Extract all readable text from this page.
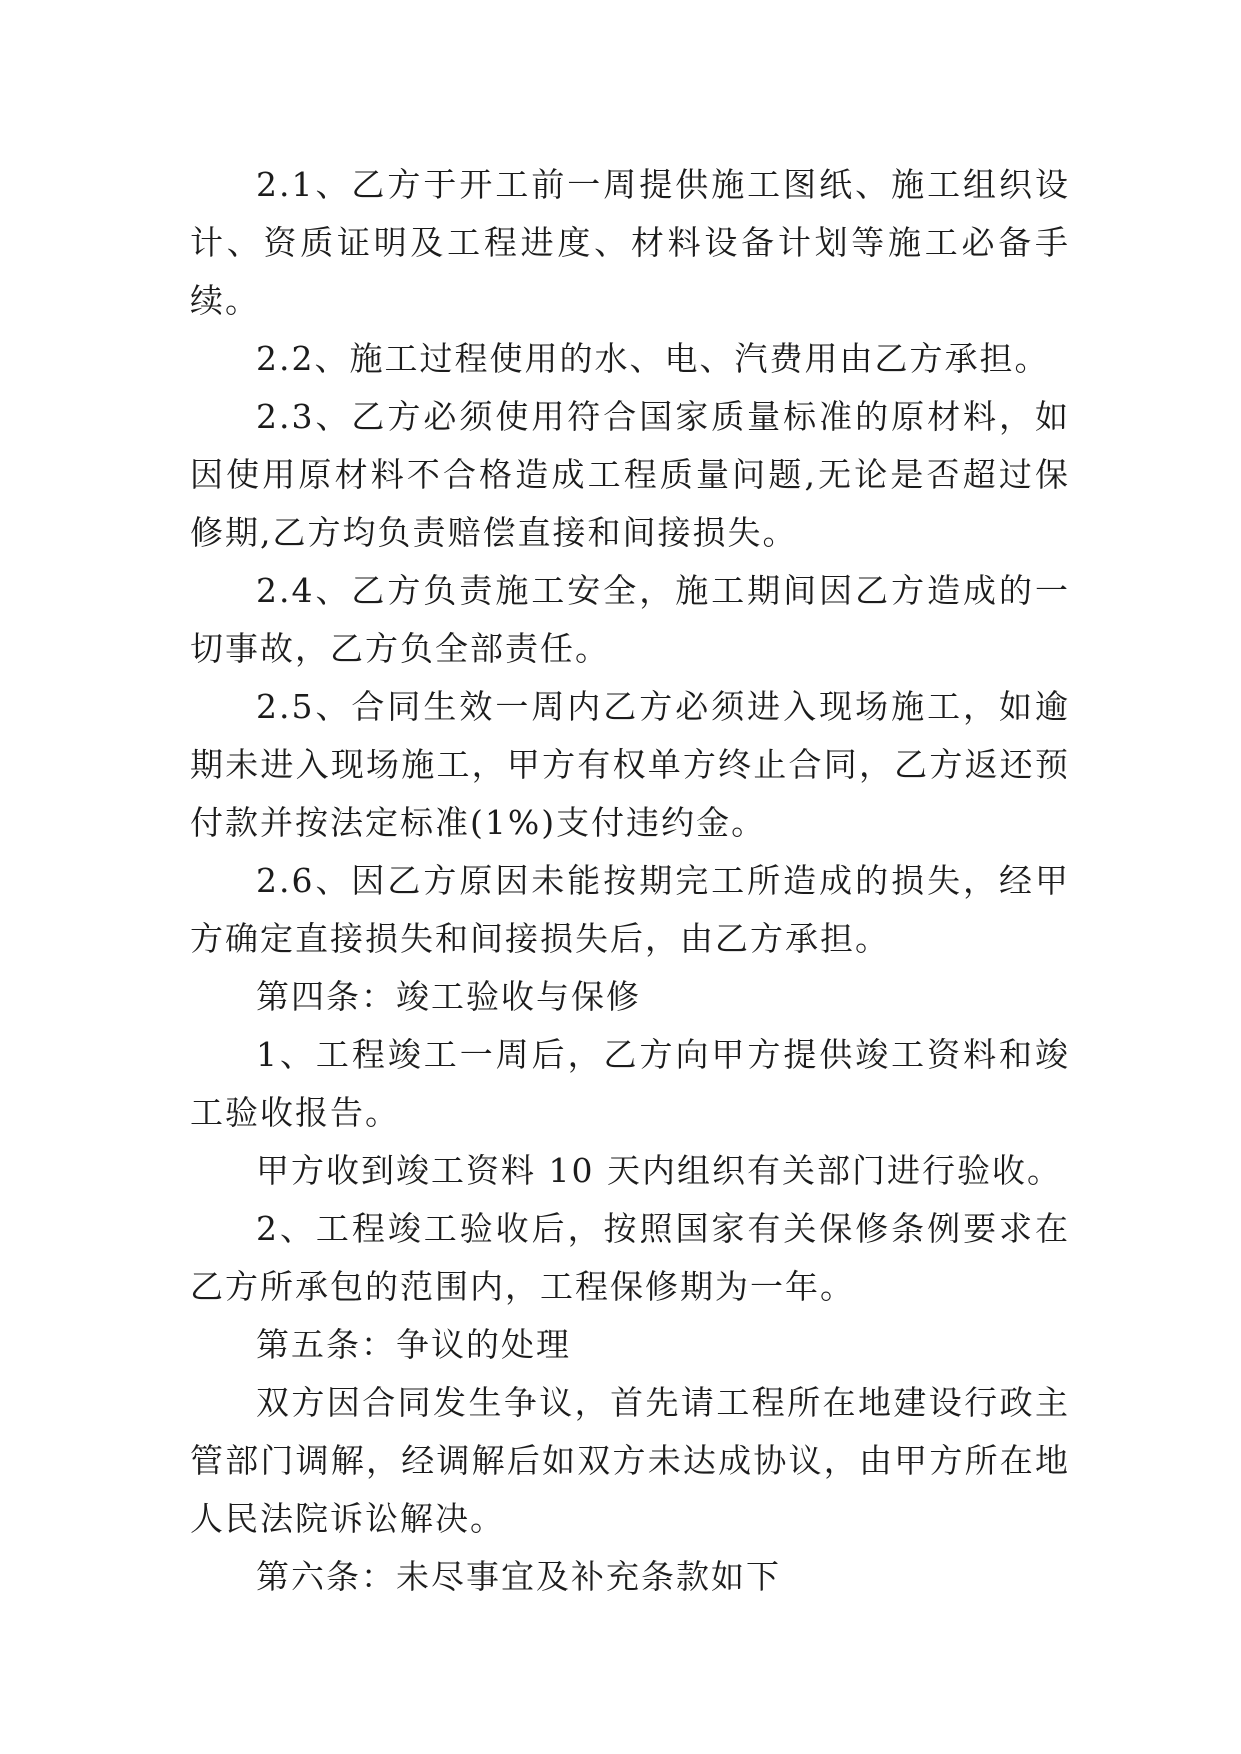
2.1、乙方于开工前一周提供施工图纸、施工组织设计、资质证明及工程进度、材料设备计划等施工必备手续。

2.2、施工过程使用的水、电、汽费用由乙方承担。

2.3、乙方必须使用符合国家质量标准的原材料，如因使用原材料不合格造成工程质量问题,无论是否超过保修期,乙方均负责赔偿直接和间接损失。

2.4、乙方负责施工安全，施工期间因乙方造成的一切事故，乙方负全部责任。

2.5、合同生效一周内乙方必须进入现场施工，如逾期未进入现场施工，甲方有权单方终止合同，乙方返还预付款并按法定标准(1%)支付违约金。

2.6、因乙方原因未能按期完工所造成的损失，经甲方确定直接损失和间接损失后，由乙方承担。

第四条：竣工验收与保修

1、工程竣工一周后，乙方向甲方提供竣工资料和竣工验收报告。

甲方收到竣工资料 10 天内组织有关部门进行验收。

2、工程竣工验收后，按照国家有关保修条例要求在乙方所承包的范围内，工程保修期为一年。

第五条：争议的处理

双方因合同发生争议，首先请工程所在地建设行政主管部门调解，经调解后如双方未达成协议，由甲方所在地人民法院诉讼解决。

第六条：未尽事宜及补充条款如下
